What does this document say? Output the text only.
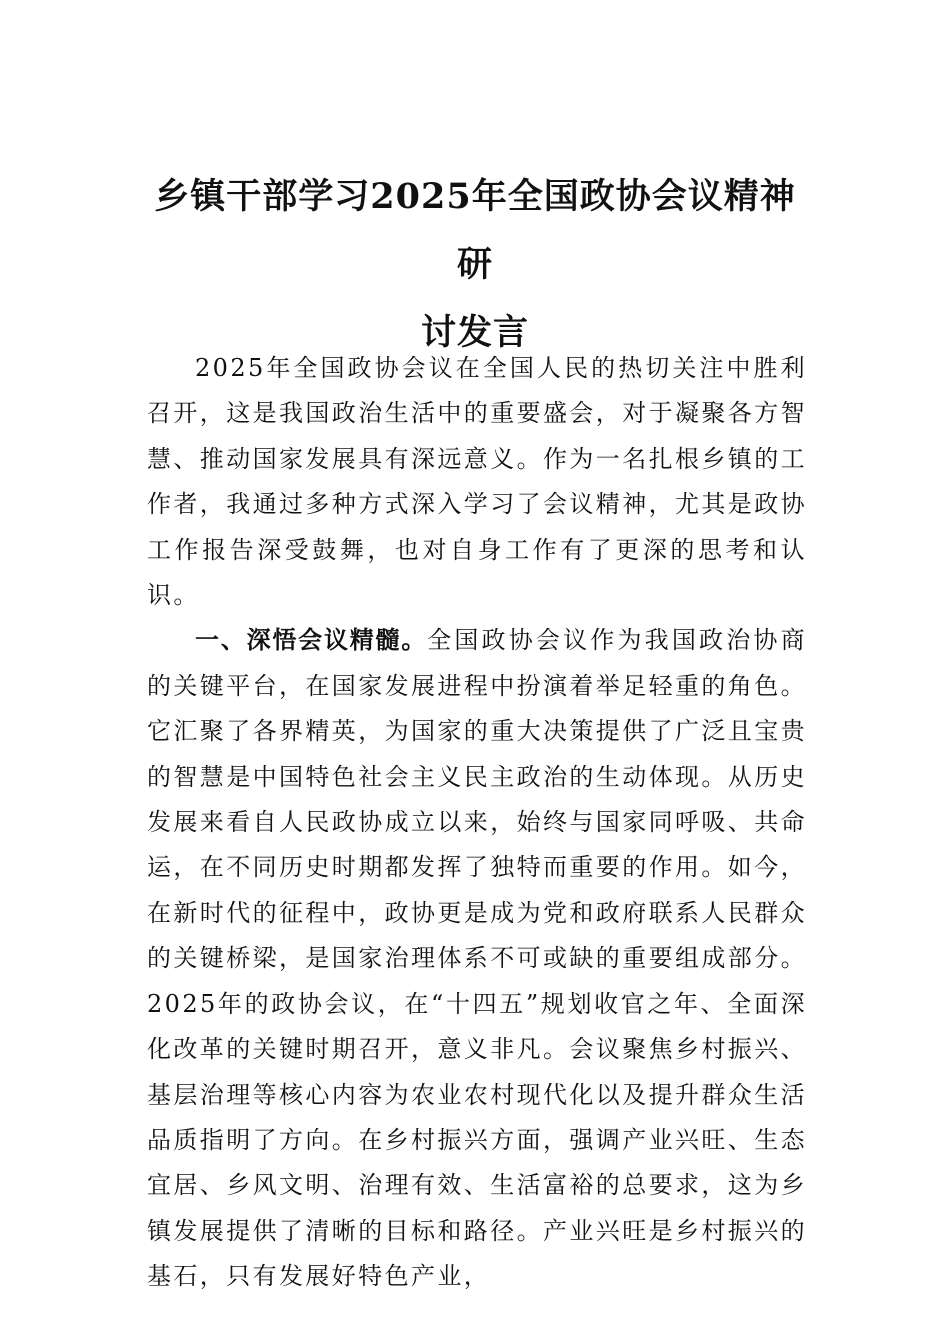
乡镇干部学习2025年全国政协会议精神研
讨发言

2025年全国政协会议在全国人民的热切关注中胜利召开，这是我国政治生活中的重要盛会，对于凝聚各方智慧、推动国家发展具有深远意义。作为一名扎根乡镇的工作者，我通过多种方式深入学习了会议精神，尤其是政协工作报告深受鼓舞，也对自身工作有了更深的思考和认识。

一、深悟会议精髓。全国政协会议作为我国政治协商的关键平台，在国家发展进程中扮演着举足轻重的角色。它汇聚了各界精英，为国家的重大决策提供了广泛且宝贵的智慧是中国特色社会主义民主政治的生动体现。从历史发展来看自人民政协成立以来，始终与国家同呼吸、共命运，在不同历史时期都发挥了独特而重要的作用。如今，在新时代的征程中，政协更是成为党和政府联系人民群众的关键桥梁，是国家治理体系不可或缺的重要组成部分。2025年的政协会议，在“十四五”规划收官之年、全面深化改革的关键时期召开，意义非凡。会议聚焦乡村振兴、基层治理等核心内容为农业农村现代化以及提升群众生活品质指明了方向。在乡村振兴方面，强调产业兴旺、生态宜居、乡风文明、治理有效、生活富裕的总要求，这为乡镇发展提供了清晰的目标和路径。产业兴旺是乡村振兴的基石，只有发展好特色产业，
